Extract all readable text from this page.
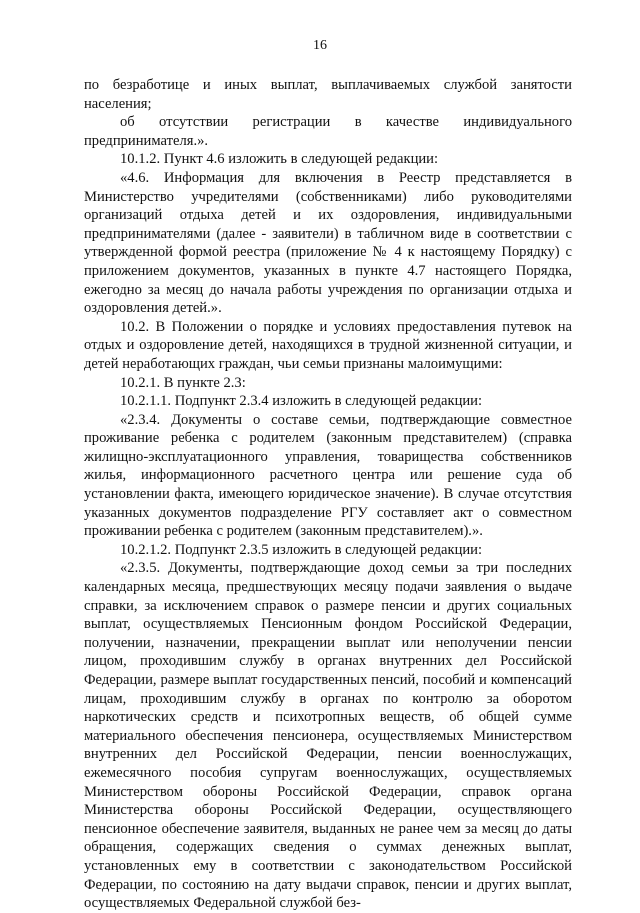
16

по безработице и иных выплат, выплачиваемых службой занятости населения;

об отсутствии регистрации в качестве индивидуального предпринимателя.».

10.1.2. Пункт 4.6 изложить в следующей редакции:

«4.6. Информация для включения в Реестр представляется в Министерство учредителями (собственниками) либо руководителями организаций отдыха детей и их оздоровления, индивидуальными предпринимателями (далее - заявители) в табличном виде в соответствии с утвержденной формой реестра (приложение № 4 к настоящему Порядку) с приложением документов, указанных в пункте 4.7 настоящего Порядка, ежегодно за месяц до начала работы учреждения по организации отдыха и оздоровления детей.».

10.2. В Положении о порядке и условиях предоставления путевок на отдых и оздоровление детей, находящихся в трудной жизненной ситуации, и детей неработающих граждан, чьи семьи признаны малоимущими:

10.2.1. В пункте 2.3:

10.2.1.1. Подпункт 2.3.4 изложить в следующей редакции:

«2.3.4. Документы о составе семьи, подтверждающие совместное проживание ребенка с родителем (законным представителем) (справка жилищно-эксплуатационного управления, товарищества собственников жилья, информационного расчетного центра или решение суда об установлении факта, имеющего юридическое значение). В случае отсутствия указанных документов подразделение РГУ составляет акт о совместном проживании ребенка с родителем (законным представителем).».

10.2.1.2. Подпункт 2.3.5 изложить в следующей редакции:

«2.3.5. Документы, подтверждающие доход семьи за три последних календарных месяца, предшествующих месяцу подачи заявления о выдаче справки, за исключением справок о размере пенсии и других социальных выплат, осуществляемых Пенсионным фондом Российской Федерации, получении, назначении, прекращении выплат или неполучении пенсии лицом, проходившим службу в органах внутренних дел Российской Федерации, размере выплат государственных пенсий, пособий и компенсаций лицам, проходившим службу в органах по контролю за оборотом наркотических средств и психотропных веществ, об общей сумме материального обеспечения пенсионера, осуществляемых Министерством внутренних дел Российской Федерации, пенсии военнослужащих, ежемесячного пособия супругам военнослужащих, осуществляемых Министерством обороны Российской Федерации, справок органа Министерства обороны Российской Федерации, осуществляющего пенсионное обеспечение заявителя, выданных не ранее чем за месяц до даты обращения, содержащих сведения о суммах денежных выплат, установленных ему в соответствии с законодательством Российской Федерации, по состоянию на дату выдачи справок, пенсии и других выплат, осуществляемых Федеральной службой без-
